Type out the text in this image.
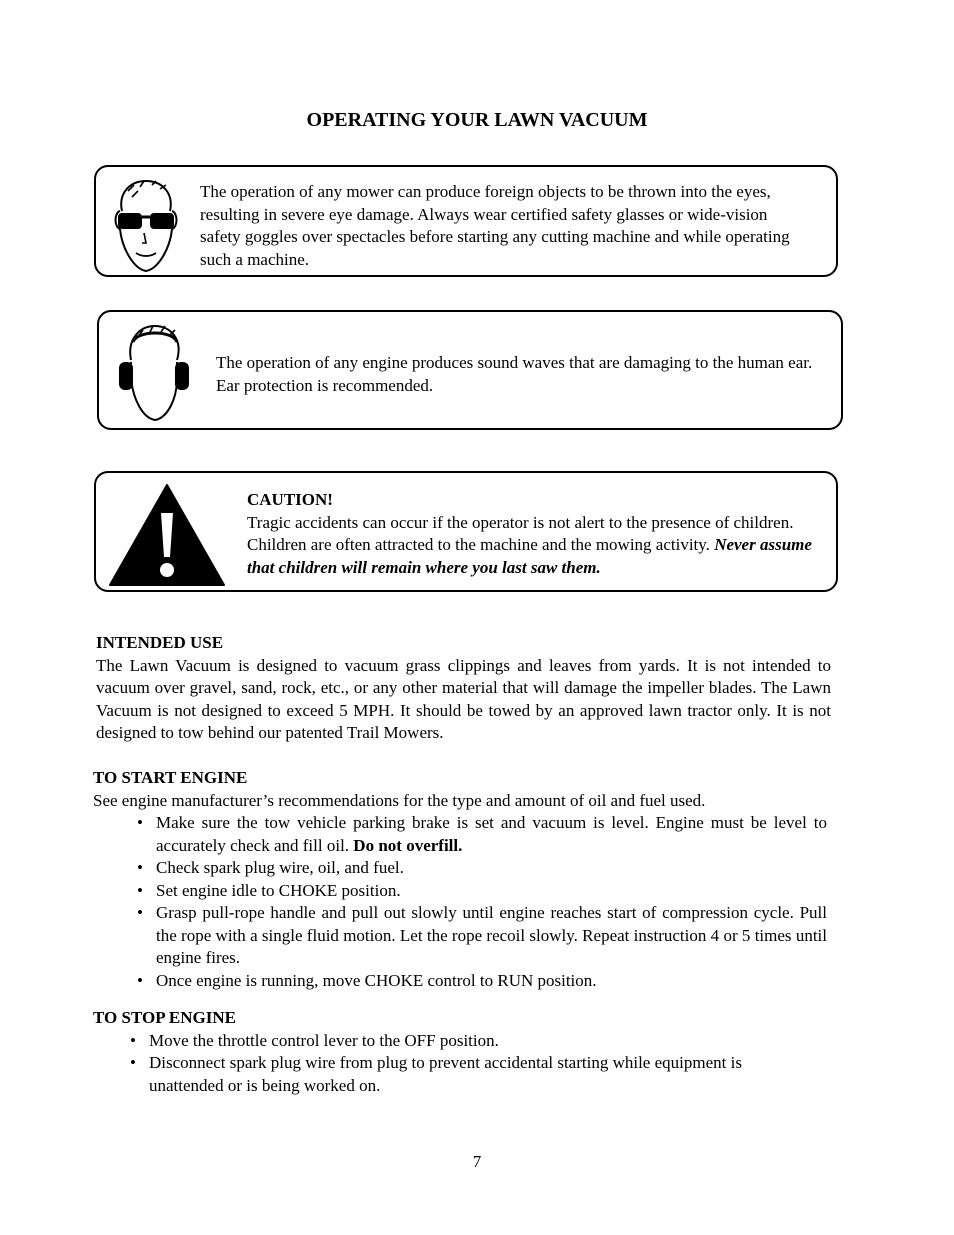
OPERATING YOUR LAWN VACUUM
The operation of any mower can produce foreign objects to be thrown into the eyes, resulting in severe eye damage. Always wear certified safety glasses or wide-vision safety goggles over spectacles before starting any cutting machine and while operating such a machine.
The operation of any engine produces sound waves that are damaging to the human ear. Ear protection is recommended.
CAUTION!
Tragic accidents can occur if the operator is not alert to the presence of children. Children are often attracted to the machine and the mowing activity. Never assume that children will remain where you last saw them.
INTENDED USE
The Lawn Vacuum is designed to vacuum grass clippings and leaves from yards. It is not intended to vacuum over gravel, sand, rock, etc., or any other material that will damage the impeller blades. The Lawn Vacuum is not designed to exceed 5 MPH. It should be towed by an approved lawn tractor only. It is not designed to tow behind our patented Trail Mowers.
TO START ENGINE
See engine manufacturer’s recommendations for the type and amount of oil and fuel used.
• Make sure the tow vehicle parking brake is set and vacuum is level. Engine must be level to accurately check and fill oil. Do not overfill.
• Check spark plug wire, oil, and fuel.
• Set engine idle to CHOKE position.
• Grasp pull-rope handle and pull out slowly until engine reaches start of compression cycle. Pull the rope with a single fluid motion. Let the rope recoil slowly. Repeat instruction 4 or 5 times until engine fires.
• Once engine is running, move CHOKE control to RUN position.
TO STOP ENGINE
• Move the throttle control lever to the OFF position.
• Disconnect spark plug wire from plug to prevent accidental starting while equipment is unattended or is being worked on.
7
